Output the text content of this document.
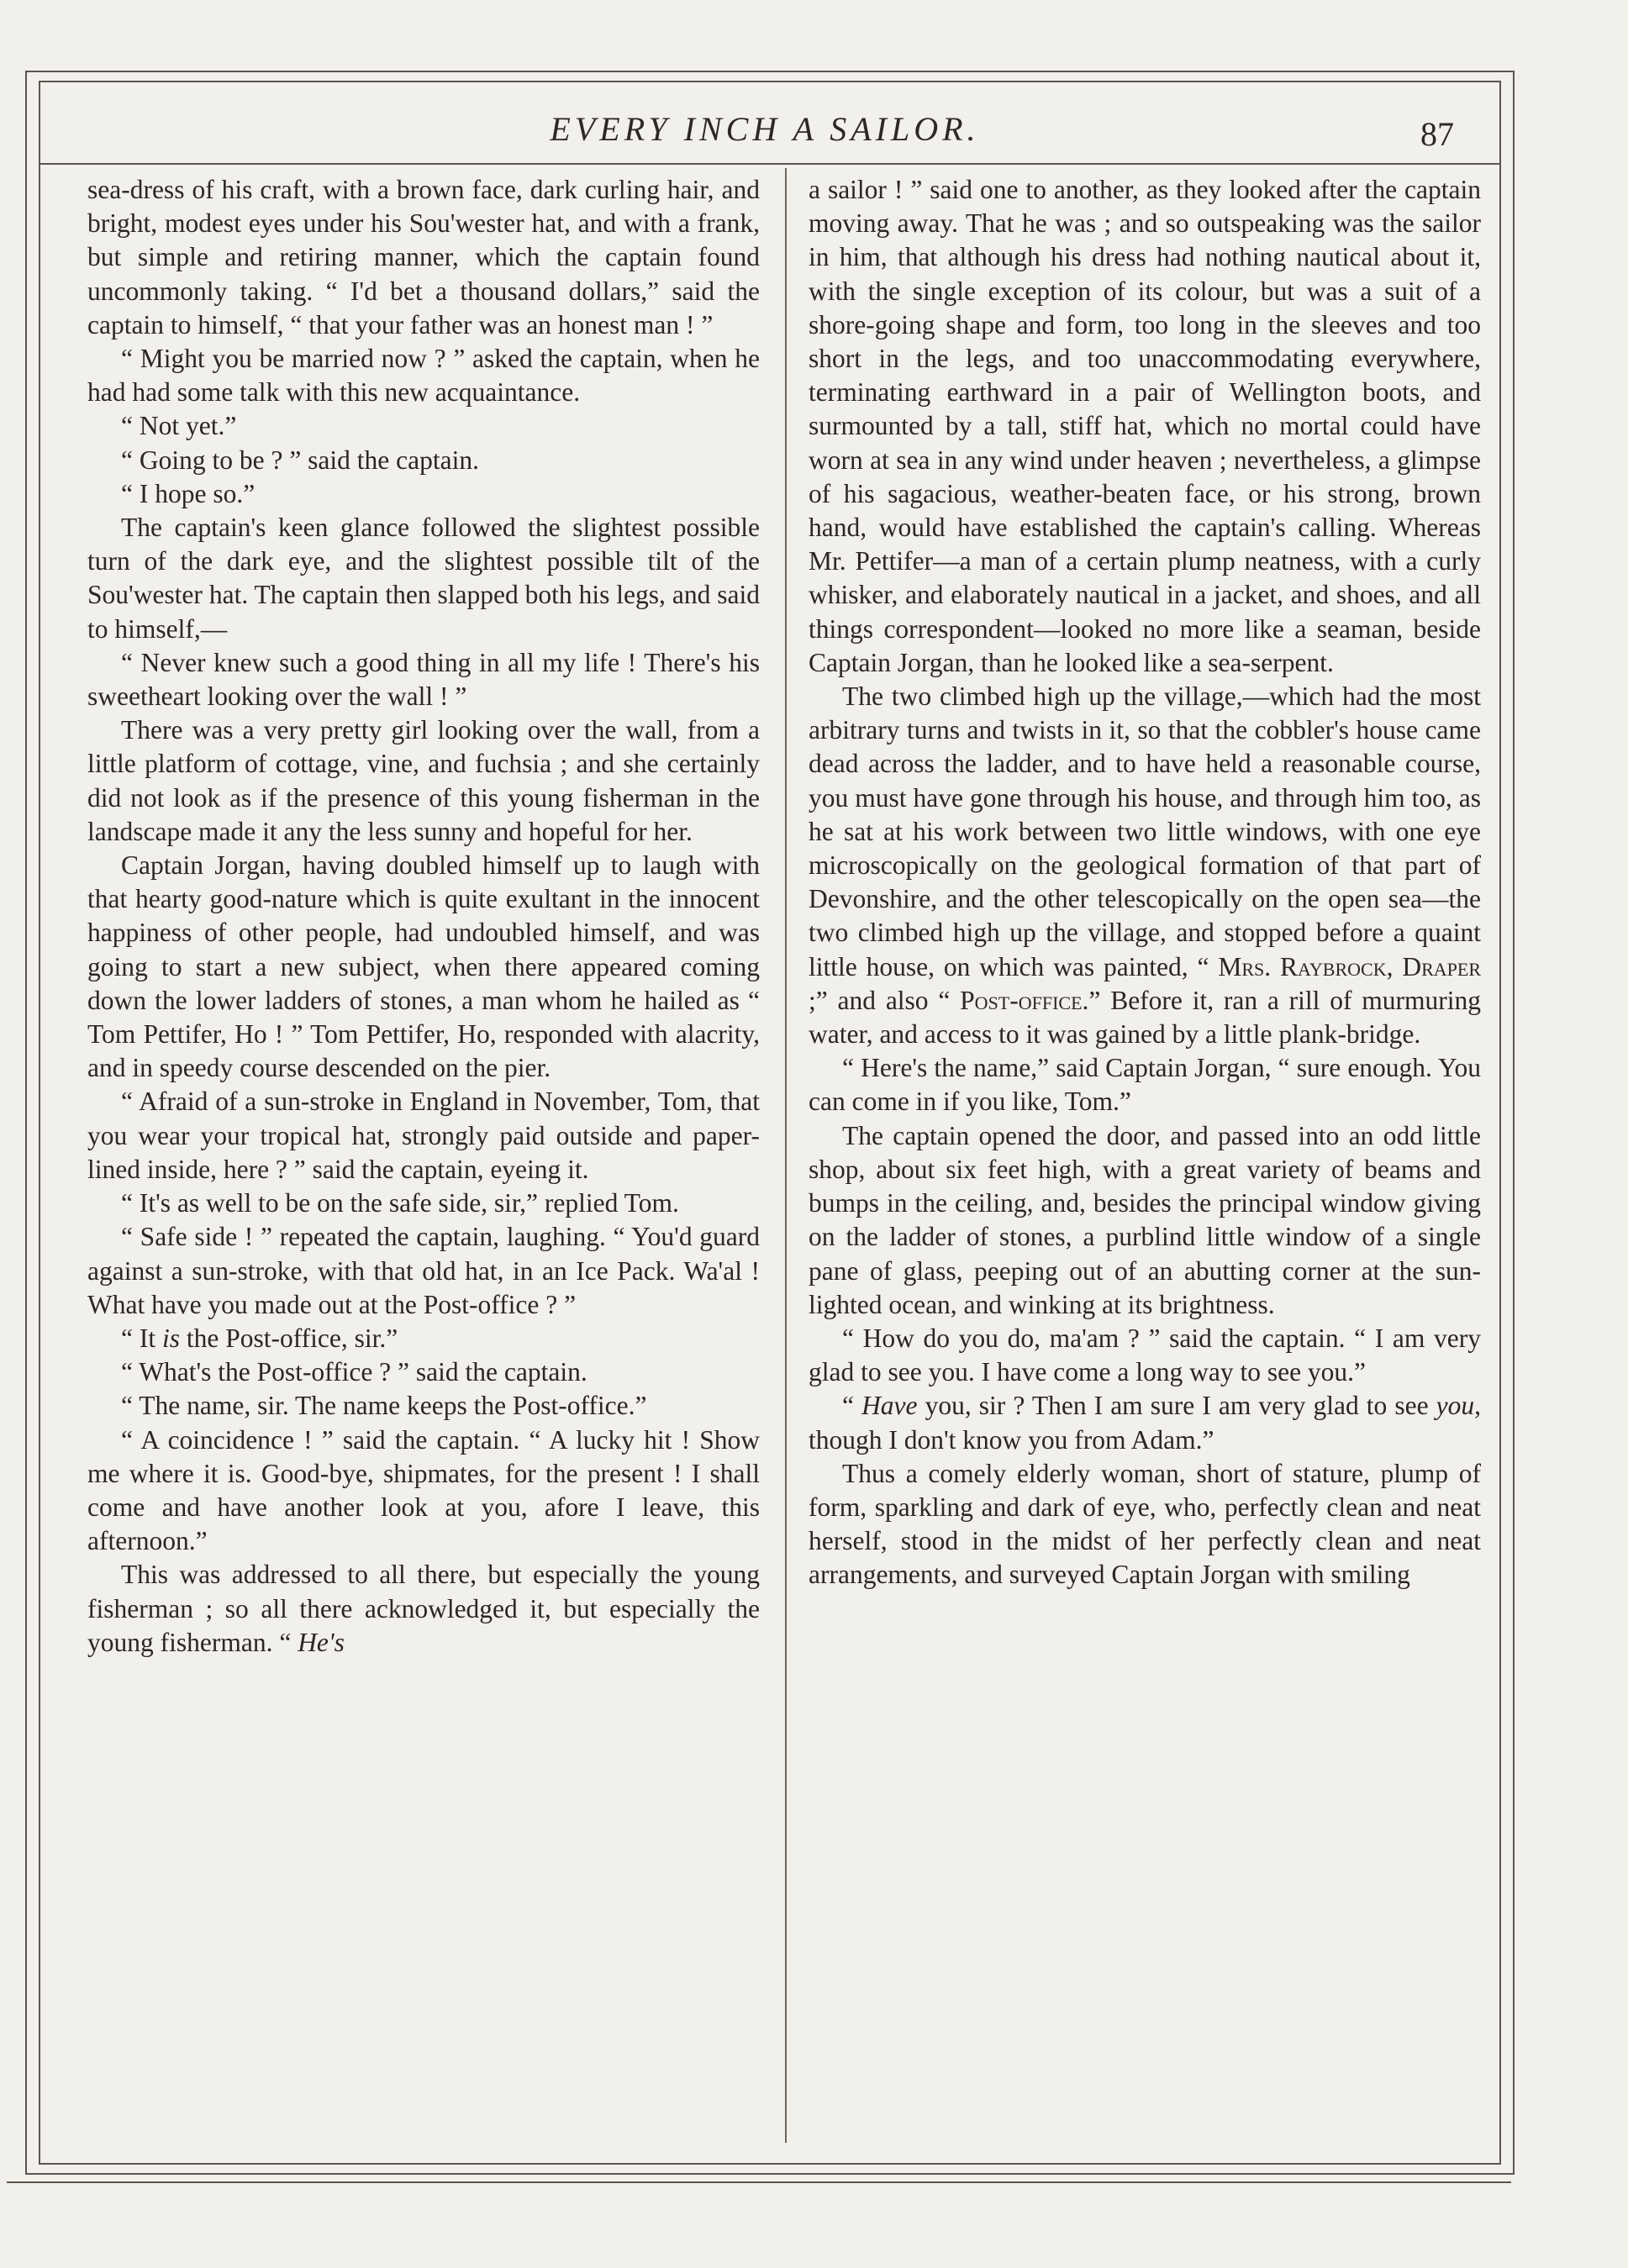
EVERY INCH A SAILOR.	87

sea-dress of his craft, with a brown face, dark curling hair, and bright, modest eyes under his Sou'wester hat, and with a frank, but simple and retiring manner, which the captain found uncommonly taking. “ I'd bet a thousand dollars,” said the captain to himself, “ that your father was an honest man ! ”

“ Might you be married now ? ” asked the captain, when he had had some talk with this new acquaintance.

“ Not yet.”

“ Going to be ? ” said the captain.

“ I hope so.”

The captain's keen glance followed the slightest possible turn of the dark eye, and the slightest possible tilt of the Sou'wester hat. The captain then slapped both his legs, and said to himself,—

“ Never knew such a good thing in all my life ! There's his sweetheart looking over the wall ! ”

There was a very pretty girl looking over the wall, from a little platform of cottage, vine, and fuchsia ; and she certainly did not look as if the presence of this young fisherman in the landscape made it any the less sunny and hopeful for her.

Captain Jorgan, having doubled himself up to laugh with that hearty good-nature which is quite exultant in the innocent happiness of other people, had undoubled himself, and was going to start a new subject, when there appeared coming down the lower ladders of stones, a man whom he hailed as “ Tom Pettifer, Ho ! ” Tom Pettifer, Ho, responded with alacrity, and in speedy course descended on the pier.

“ Afraid of a sun-stroke in England in November, Tom, that you wear your tropical hat, strongly paid outside and paper-lined inside, here ? ” said the captain, eyeing it.

“ It's as well to be on the safe side, sir,” replied Tom.

“ Safe side ! ” repeated the captain, laughing. “ You'd guard against a sun-stroke, with that old hat, in an Ice Pack. Wa'al ! What have you made out at the Post-office ? ”

“ It is the Post-office, sir.”

“ What's the Post-office ? ” said the captain.

“ The name, sir. The name keeps the Post-office.”

“ A coincidence ! ” said the captain. “ A lucky hit ! Show me where it is. Good-bye, shipmates, for the present ! I shall come and have another look at you, afore I leave, this afternoon.”

This was addressed to all there, but especially the young fisherman ; so all there acknowledged it, but especially the young fisherman. “ He's

a sailor ! ” said one to another, as they looked after the captain moving away. That he was ; and so outspeaking was the sailor in him, that although his dress had nothing nautical about it, with the single exception of its colour, but was a suit of a shore-going shape and form, too long in the sleeves and too short in the legs, and too unaccommodating everywhere, terminating earthward in a pair of Wellington boots, and surmounted by a tall, stiff hat, which no mortal could have worn at sea in any wind under heaven ; nevertheless, a glimpse of his sagacious, weather-beaten face, or his strong, brown hand, would have established the captain's calling. Whereas Mr. Pettifer—a man of a certain plump neatness, with a curly whisker, and elaborately nautical in a jacket, and shoes, and all things correspondent—looked no more like a seaman, beside Captain Jorgan, than he looked like a sea-serpent.

The two climbed high up the village,—which had the most arbitrary turns and twists in it, so that the cobbler's house came dead across the ladder, and to have held a reasonable course, you must have gone through his house, and through him too, as he sat at his work between two little windows, with one eye microscopically on the geological formation of that part of Devonshire, and the other telescopically on the open sea—the two climbed high up the village, and stopped before a quaint little house, on which was painted, “ Mrs. Raybrock, Draper ;” and also “ Post-office.” Before it, ran a rill of murmuring water, and access to it was gained by a little plank-bridge.

“ Here's the name,” said Captain Jorgan, “ sure enough. You can come in if you like, Tom.”

The captain opened the door, and passed into an odd little shop, about six feet high, with a great variety of beams and bumps in the ceiling, and, besides the principal window giving on the ladder of stones, a purblind little window of a single pane of glass, peeping out of an abutting corner at the sun-lighted ocean, and winking at its brightness.

“ How do you do, ma'am ? ” said the captain. “ I am very glad to see you. I have come a long way to see you.”

“ Have you, sir ? Then I am sure I am very glad to see you, though I don't know you from Adam.”

Thus a comely elderly woman, short of stature, plump of form, sparkling and dark of eye, who, perfectly clean and neat herself, stood in the midst of her perfectly clean and neat arrangements, and surveyed Captain Jorgan with smiling
